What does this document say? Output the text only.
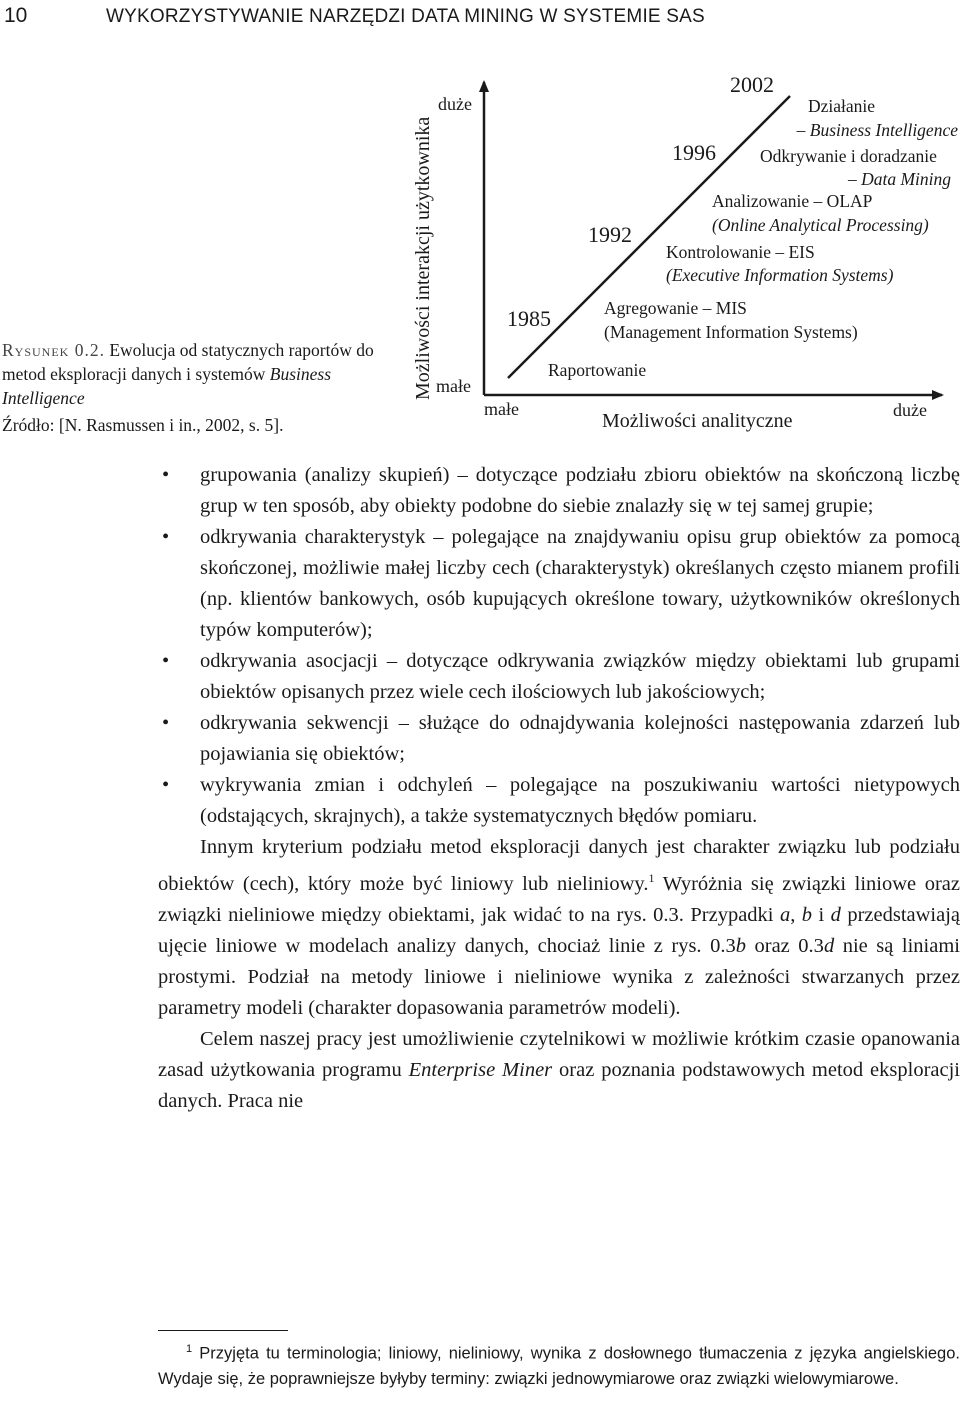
10	WYKORZYSTYWANIE NARZĘDZI DATA MINING W SYSTEMIE SAS
Rysunek 0.2. Ewolucja od statycznych raportów do metod eksploracji danych i systemów Business Intelligence
Źródło: [N. Rasmussen i in., 2002, s. 5].
Możliwości interakcji użytkownika
duże
małe
małe
Możliwości analityczne	duże
1985
1992
1996
2002
Raportowanie
Agregowanie – MIS
(Management Information Systems)
Kontrolowanie – EIS
(Executive Information Systems)
Analizowanie – OLAP
(Online Analytical Processing)
Odkrywanie i doradzanie
– Data Mining
Działanie
– Business Intelligence
• grupowania (analizy skupień) – dotyczące podziału zbioru obiektów na skończoną liczbę grup w ten sposób, aby obiekty podobne do siebie znalazły się w tej samej grupie;
• odkrywania charakterystyk – polegające na znajdywaniu opisu grup obiektów za pomocą skończonej, możliwie małej liczby cech (charakterystyk) określanych często mianem profili (np. klientów bankowych, osób kupujących określone towary, użytkowników określonych typów komputerów);
• odkrywania asocjacji – dotyczące odkrywania związków między obiektami lub grupami obiektów opisanych przez wiele cech ilościowych lub jakościowych;
• odkrywania sekwencji – służące do odnajdywania kolejności następowania zdarzeń lub pojawiania się obiektów;
• wykrywania zmian i odchyleń – polegające na poszukiwaniu wartości nietypowych (odstających, skrajnych), a także systematycznych błędów pomiaru.

Innym kryterium podziału metod eksploracji danych jest charakter związku lub podziału obiektów (cech), który może być liniowy lub nieliniowy.$^1$ Wyróżnia się związki liniowe oraz związki nieliniowe między obiektami, jak widać to na rys. 0.3. Przypadki a, b i d przedstawiają ujęcie liniowe w modelach analizy danych, chociaż linie z rys. 0.3b oraz 0.3d nie są liniami prostymi. Podział na metody liniowe i nieliniowe wynika z zależności stwarzanych przez parametry modeli (charakter dopasowania parametrów modeli).

Celem naszej pracy jest umożliwienie czytelnikowi w możliwie krótkim czasie opanowania zasad użytkowania programu Enterprise Miner oraz poznania podstawowych metod eksploracji danych. Praca nie

$^1$ Przyjęta tu terminologia; liniowy, nieliniowy, wynika z dosłownego tłumaczenia z języka angielskiego. Wydaje się, że poprawniejsze byłyby terminy: związki jednowymiarowe oraz związki wielowymiarowe.
